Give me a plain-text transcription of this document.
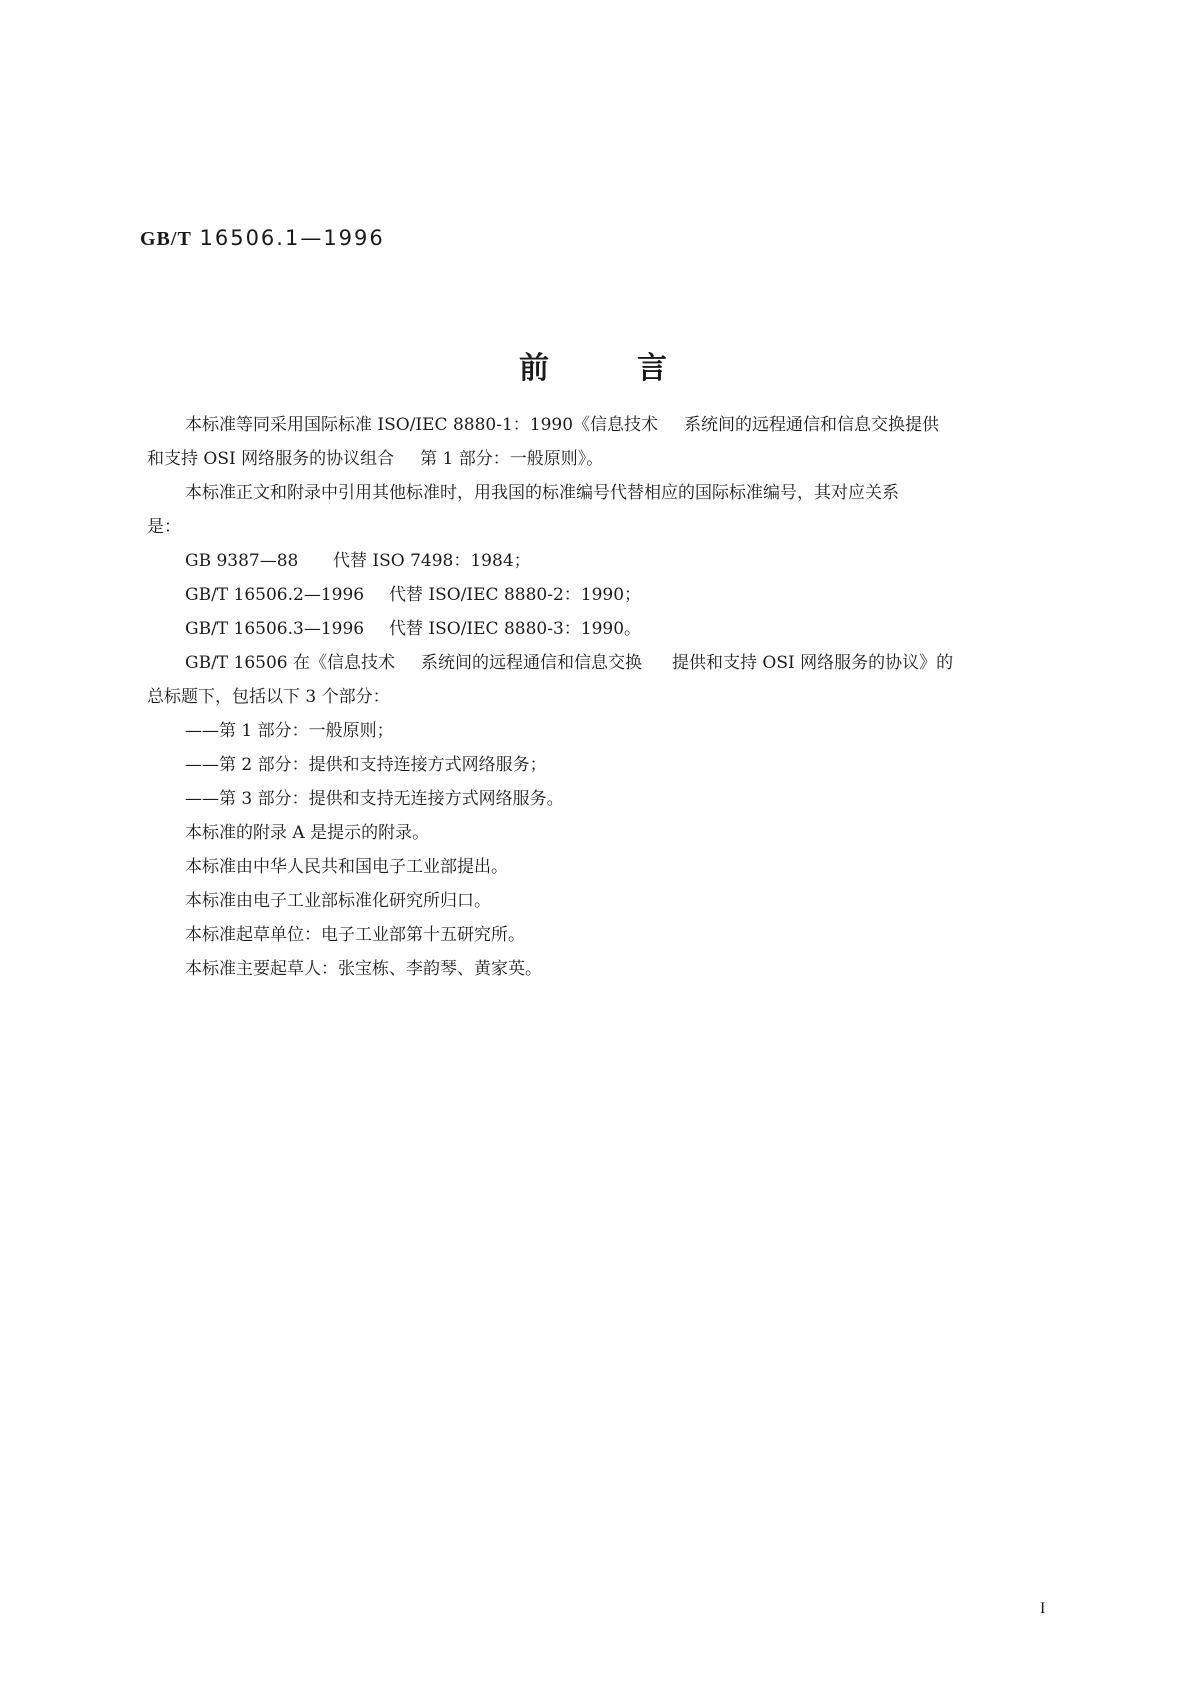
GB/T 16506.1—1996
前言
本标准等同采用国际标准 ISO/IEC 8880-1：1990《信息技术 系统间的远程通信和信息交换提供
和支持 OSI 网络服务的协议组合 第 1 部分：一般原则》。
本标准正文和附录中引用其他标准时，用我国的标准编号代替相应的国际标准编号，其对应关系
是：
GB 9387—88 代替 ISO 7498：1984；
GB/T 16506.2—1996 代替 ISO/IEC 8880-2：1990；
GB/T 16506.3—1996 代替 ISO/IEC 8880-3：1990。
GB/T 16506 在《信息技术 系统间的远程通信和信息交换 提供和支持 OSI 网络服务的协议》的
总标题下，包括以下 3 个部分：
——第 1 部分：一般原则；
——第 2 部分：提供和支持连接方式网络服务；
——第 3 部分：提供和支持无连接方式网络服务。
本标准的附录 A 是提示的附录。
本标准由中华人民共和国电子工业部提出。
本标准由电子工业部标准化研究所归口。
本标准起草单位：电子工业部第十五研究所。
本标准主要起草人：张宝栋、李韵琴、黄家英。
I
